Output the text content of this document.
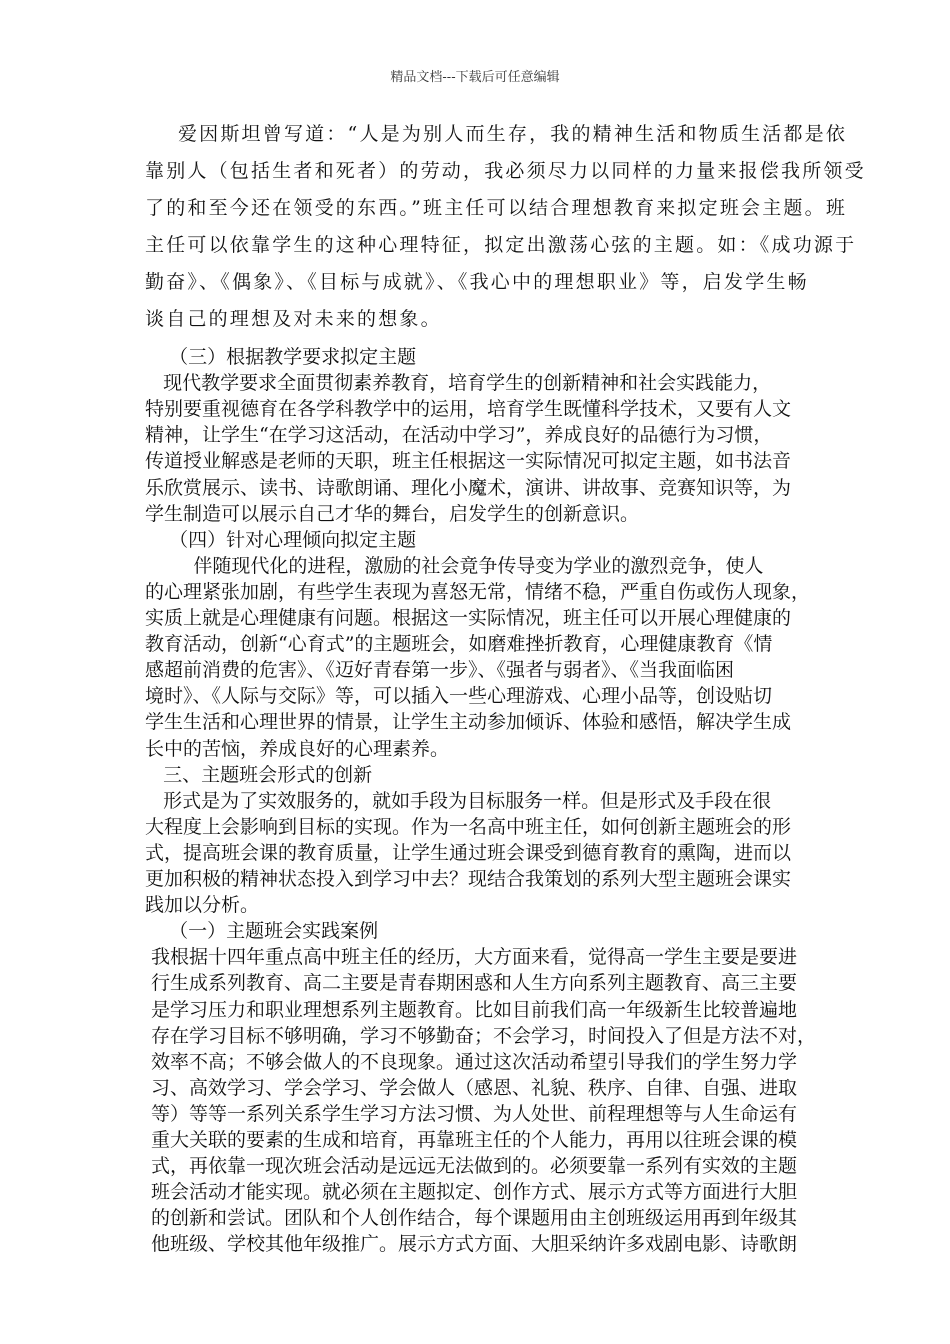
精品文档---下载后可任意编辑
爱因斯坦曾写道：“人是为别人而生存，我的精神生活和物质生活都是依
靠别人（包括生者和死者）的劳动，我必须尽力以同样的力量来报偿我所领受
了的和至今还在领受的东西。”班主任可以结合理想教育来拟定班会主题。班
主任可以依靠学生的这种心理特征，拟定出激荡心弦的主题。如：《成功源于
勤奋》、《偶象》、《目标与成就》、《我心中的理想职业》等，启发学生畅
谈自己的理想及对未来的想象。
（三）根据教学要求拟定主题
现代教学要求全面贯彻素养教育，培育学生的创新精神和社会实践能力，
特别要重视德育在各学科教学中的运用，培育学生既懂科学技术，又要有人文
精神，让学生“在学习这活动，在活动中学习”，养成良好的品德行为习惯，
传道授业解惑是老师的天职，班主任根据这一实际情况可拟定主题，如书法音
乐欣赏展示、读书、诗歌朗诵、理化小魔术，演讲、讲故事、竞赛知识等，为
学生制造可以展示自己才华的舞台，启发学生的创新意识。
（四）针对心理倾向拟定主题
伴随现代化的进程，激励的社会竟争传导变为学业的激烈竞争，使人
的心理紧张加剧，有些学生表现为喜怒无常，情绪不稳，严重自伤或伤人现象，
实质上就是心理健康有问题。根据这一实际情况，班主任可以开展心理健康的
教育活动，创新“心育式”的主题班会，如磨难挫折教育，心理健康教育《情
感超前消费的危害》、《迈好青春第一步》、《强者与弱者》、《当我面临困
境时》、《人际与交际》等，可以插入一些心理游戏、心理小品等，创设贴切
学生生活和心理世界的情景，让学生主动参加倾诉、体验和感悟，解决学生成
长中的苦恼，养成良好的心理素养。
三、主题班会形式的创新
形式是为了实效服务的，就如手段为目标服务一样。但是形式及手段在很
大程度上会影响到目标的实现。作为一名高中班主任，如何创新主题班会的形
式，提高班会课的教育质量，让学生通过班会课受到德育教育的熏陶，进而以
更加积极的精神状态投入到学习中去？现结合我策划的系列大型主题班会课实
践加以分析。
（一）主题班会实践案例
我根据十四年重点高中班主任的经历，大方面来看，觉得高一学生主要是要进
行生成系列教育、高二主要是青春期困惑和人生方向系列主题教育、高三主要
是学习压力和职业理想系列主题教育。比如目前我们高一年级新生比较普遍地
存在学习目标不够明确，学习不够勤奋；不会学习，时间投入了但是方法不对，
效率不高；不够会做人的不良现象。通过这次活动希望引导我们的学生努力学
习、高效学习、学会学习、学会做人（感恩、礼貌、秩序、自律、自强、进取
等）等等一系列关系学生学习方法习惯、为人处世、前程理想等与人生命运有
重大关联的要素的生成和培育，再靠班主任的个人能力，再用以往班会课的模
式，再依靠一现次班会活动是远远无法做到的。必须要靠一系列有实效的主题
班会活动才能实现。就必须在主题拟定、创作方式、展示方式等方面进行大胆
的创新和尝试。团队和个人创作结合，每个课题用由主创班级运用再到年级其
他班级、学校其他年级推广。展示方式方面、大胆采纳许多戏剧电影、诗歌朗
